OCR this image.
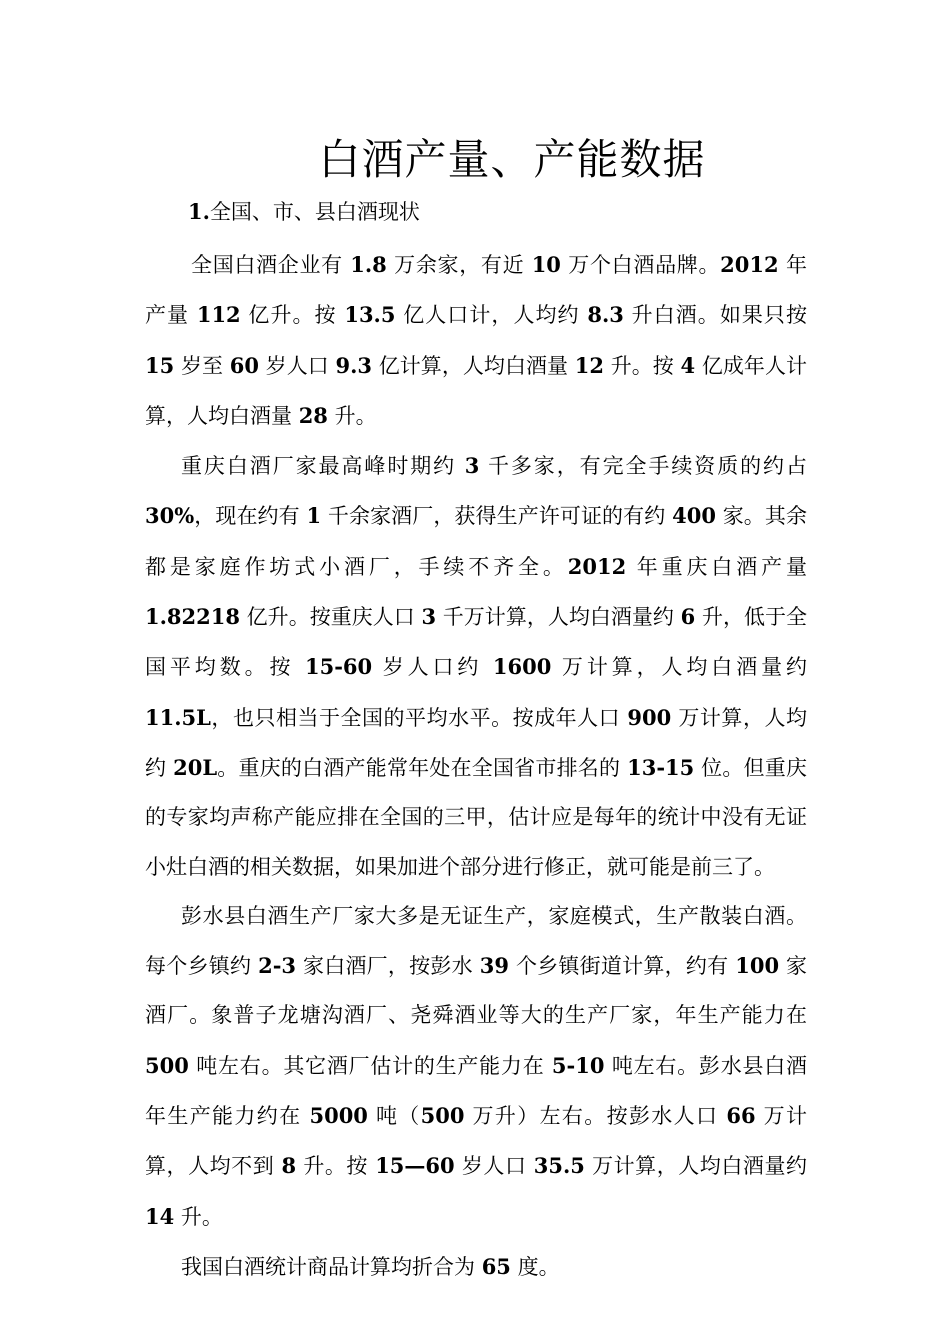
白酒产量、产能数据
1.全国、市、县白酒现状

全国白酒企业有 1.8 万余家，有近 10 万个白酒品牌。2012 年产量 112 亿升。按 13.5 亿人口计，人均约 8.3 升白酒。如果只按 15 岁至 60 岁人口 9.3 亿计算，人均白酒量 12 升。按 4 亿成年人计算，人均白酒量 28 升。

重庆白酒厂家最高峰时期约 3 千多家，有完全手续资质的约占 30%，现在约有 1 千余家酒厂，获得生产许可证的有约 400 家。其余都是家庭作坊式小酒厂，手续不齐全。2012 年重庆白酒产量 1.82218 亿升。按重庆人口 3 千万计算，人均白酒量约 6 升，低于全国平均数。按 15-60 岁人口约 1600 万计算，人均白酒量约 11.5L，也只相当于全国的平均水平。按成年人口 900 万计算，人均约 20L。重庆的白酒产能常年处在全国省市排名的 13-15 位。但重庆的专家均声称产能应排在全国的三甲，估计应是每年的统计中没有无证小灶白酒的相关数据，如果加进个部分进行修正，就可能是前三了。

彭水县白酒生产厂家大多是无证生产，家庭模式，生产散装白酒。每个乡镇约 2-3 家白酒厂，按彭水 39 个乡镇街道计算，约有 100 家酒厂。象普子龙塘沟酒厂、尧舜酒业等大的生产厂家，年生产能力在 500 吨左右。其它酒厂估计的生产能力在 5-10 吨左右。彭水县白酒年生产能力约在 5000 吨（500 万升）左右。按彭水人口 66 万计算，人均不到 8 升。按 15—60 岁人口 35.5 万计算，人均白酒量约 14 升。

我国白酒统计商品计算均折合为 65 度。
